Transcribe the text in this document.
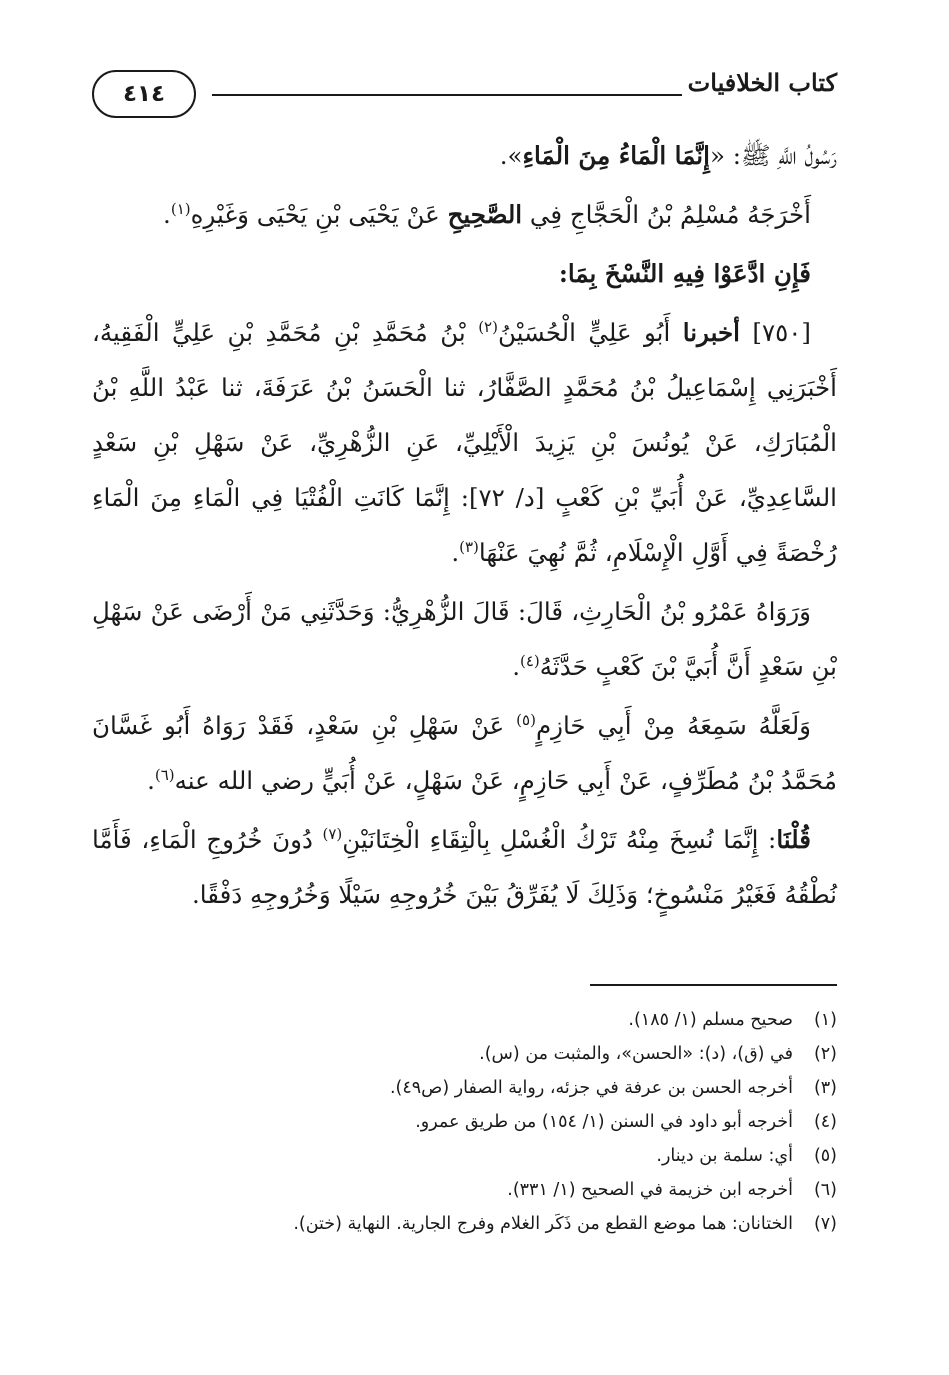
كتاب الخلافيات
٤١٤

رَسُولُ اللَّهِ ﷺ: «إِنَّمَا الْمَاءُ مِنَ الْمَاءِ».

أَخْرَجَهُ مُسْلِمُ بْنُ الْحَجَّاجِ فِي الصَّحِيحِ عَنْ يَحْيَى بْنِ يَحْيَى وَغَيْرِهِ$^{(١)}$.

فَإِنِ ادَّعَوْا فِيهِ النَّسْخَ بِمَا:

[٧٥٠] أخبرنا أَبُو عَلِيٍّ الْحُسَيْنُ$^{(٢)}$ بْنُ مُحَمَّدِ بْنِ مُحَمَّدِ بْنِ عَلِيٍّ الْفَقِيهُ، أَخْبَرَنِي إِسْمَاعِيلُ بْنُ مُحَمَّدٍ الصَّفَّارُ، ثنا الْحَسَنُ بْنُ عَرَفَةَ، ثنا عَبْدُ اللَّهِ بْنُ الْمُبَارَكِ، عَنْ يُونُسَ بْنِ يَزِيدَ الْأَيْلِيِّ، عَنِ الزُّهْرِيِّ، عَنْ سَهْلِ بْنِ سَعْدٍ السَّاعِدِيِّ، عَنْ أُبَيِّ بْنِ كَعْبٍ [د/ ٧٢]: إِنَّمَا كَانَتِ الْفُتْيَا فِي الْمَاءِ مِنَ الْمَاءِ رُخْصَةً فِي أَوَّلِ الْإِسْلَامِ، ثُمَّ نُهِيَ عَنْهَا$^{(٣)}$.

وَرَوَاهُ عَمْرُو بْنُ الْحَارِثِ، قَالَ: قَالَ الزُّهْرِيُّ: وَحَدَّثَنِي مَنْ أَرْضَى عَنْ سَهْلِ بْنِ سَعْدٍ أَنَّ أُبَيَّ بْنَ كَعْبٍ حَدَّثَهُ$^{(٤)}$.

وَلَعَلَّهُ سَمِعَهُ مِنْ أَبِي حَازِمٍ$^{(٥)}$ عَنْ سَهْلِ بْنِ سَعْدٍ، فَقَدْ رَوَاهُ أَبُو غَسَّانَ مُحَمَّدُ بْنُ مُطَرِّفٍ، عَنْ أَبِي حَازِمٍ، عَنْ سَهْلٍ، عَنْ أُبَيٍّ رضي الله عنه$^{(٦)}$.

قُلْنَا: إِنَّمَا نُسِخَ مِنْهُ تَرْكُ الْغُسْلِ بِالْتِقَاءِ الْخِتَانَيْنِ$^{(٧)}$ دُونَ خُرُوجِ الْمَاءِ، فَأَمَّا نُطْقُهُ فَغَيْرُ مَنْسُوخٍ؛ وَذَلِكَ لَا يُفَرِّقُ بَيْنَ خُرُوجِهِ سَيْلًا وَخُرُوجِهِ دَفْقًا.

(١)صحيح مسلم (١/ ١٨٥).
(٢)في (ق)، (د): «الحسن»، والمثبت من (س).
(٣)أخرجه الحسن بن عرفة في جزئه، رواية الصفار (ص٤٩).
(٤)أخرجه أبو داود في السنن (١/ ١٥٤) من طريق عمرو.
(٥)أي: سلمة بن دينار.
(٦)أخرجه ابن خزيمة في الصحيح (١/ ٣٣١).
(٧)الختانان: هما موضع القطع من ذَكَر الغلام وفرج الجارية. النهاية (ختن).
